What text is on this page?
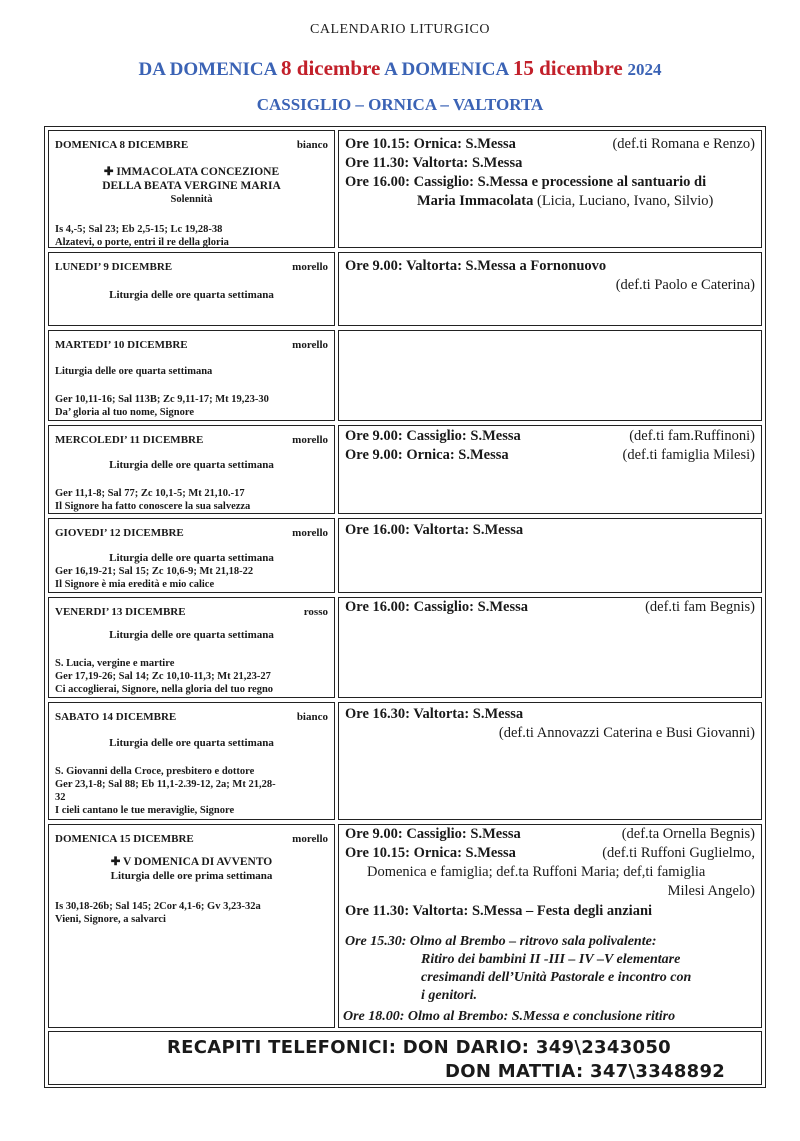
CALENDARIO LITURGICO
DA DOMENICA 8 dicembre A DOMENICA 15 dicembre 2024
CASSIGLIO – ORNICA – VALTORTA
DOMENICA 8 DICEMBRE	bianco
✚ IMMACOLATA CONCEZIONE
DELLA BEATA VERGINE MARIA
Solennità
Is 4,-5; Sal 23; Eb 2,5-15; Lc 19,28-38
Alzatevi, o porte, entri il re della gloria
Ore 10.15: Ornica: S.Messa	(def.ti Romana e Renzo)
Ore 11.30: Valtorta: S.Messa
Ore 16.00: Cassiglio: S.Messa e processione al santuario di
Maria Immacolata (Licia, Luciano, Ivano, Silvio)
LUNEDI’ 9 DICEMBRE	morello
Liturgia delle ore quarta settimana
Ore 9.00: Valtorta: S.Messa a Fornonuovo
(def.ti Paolo e Caterina)
MARTEDI’ 10 DICEMBRE	morello
Liturgia delle ore quarta settimana
Ger 10,11-16; Sal 113B; Zc 9,11-17; Mt 19,23-30
Da’ gloria al tuo nome, Signore
MERCOLEDI’ 11 DICEMBRE	morello
Liturgia delle ore quarta settimana
Ger 11,1-8; Sal 77; Zc 10,1-5; Mt 21,10.-17
Il Signore ha fatto conoscere la sua salvezza
Ore 9.00: Cassiglio: S.Messa	(def.ti fam.Ruffinoni)
Ore 9.00: Ornica: S.Messa	(def.ti famiglia Milesi)
GIOVEDI’ 12 DICEMBRE	morello
Liturgia delle ore quarta settimana
Ger 16,19-21; Sal 15; Zc 10,6-9; Mt 21,18-22
Il Signore è mia eredità e mio calice
Ore 16.00: Valtorta: S.Messa
VENERDI’ 13 DICEMBRE	rosso
Liturgia delle ore quarta settimana
S. Lucia, vergine e martire
Ger 17,19-26; Sal 14; Zc 10,10-11,3; Mt 21,23-27
Ci accoglierai, Signore, nella gloria del tuo regno
Ore 16.00: Cassiglio: S.Messa	(def.ti fam Begnis)
SABATO 14 DICEMBRE	bianco
Liturgia delle ore quarta settimana
S. Giovanni della Croce, presbitero e dottore
Ger 23,1-8; Sal 88; Eb 11,1-2.39-12, 2a; Mt 21,28-
32
I cieli cantano le tue meraviglie, Signore
Ore 16.30: Valtorta: S.Messa
(def.ti Annovazzi Caterina e Busi Giovanni)
DOMENICA 15 DICEMBRE	morello
✚ V DOMENICA DI AVVENTO
Liturgia delle ore prima settimana
Is 30,18-26b; Sal 145; 2Cor 4,1-6; Gv 3,23-32a
Vieni, Signore, a salvarci
Ore 9.00: Cassiglio: S.Messa	(def.ta Ornella Begnis)
Ore 10.15: Ornica: S.Messa	(def.ti Ruffoni Guglielmo,
Domenica e famiglia; def.ta Ruffoni Maria; def,ti famiglia
Milesi Angelo)
Ore 11.30: Valtorta: S.Messa – Festa degli anziani
Ore 15.30: Olmo al Brembo – ritrovo sala polivalente:
Ritiro dei bambini II -III – IV –V elementare
cresimandi dell’Unità Pastorale e incontro con
i genitori.
Ore 18.00: Olmo al Brembo: S.Messa e conclusione ritiro
RECAPITI TELEFONICI: DON DARIO: 349\2343050
DON MATTIA: 347\3348892
